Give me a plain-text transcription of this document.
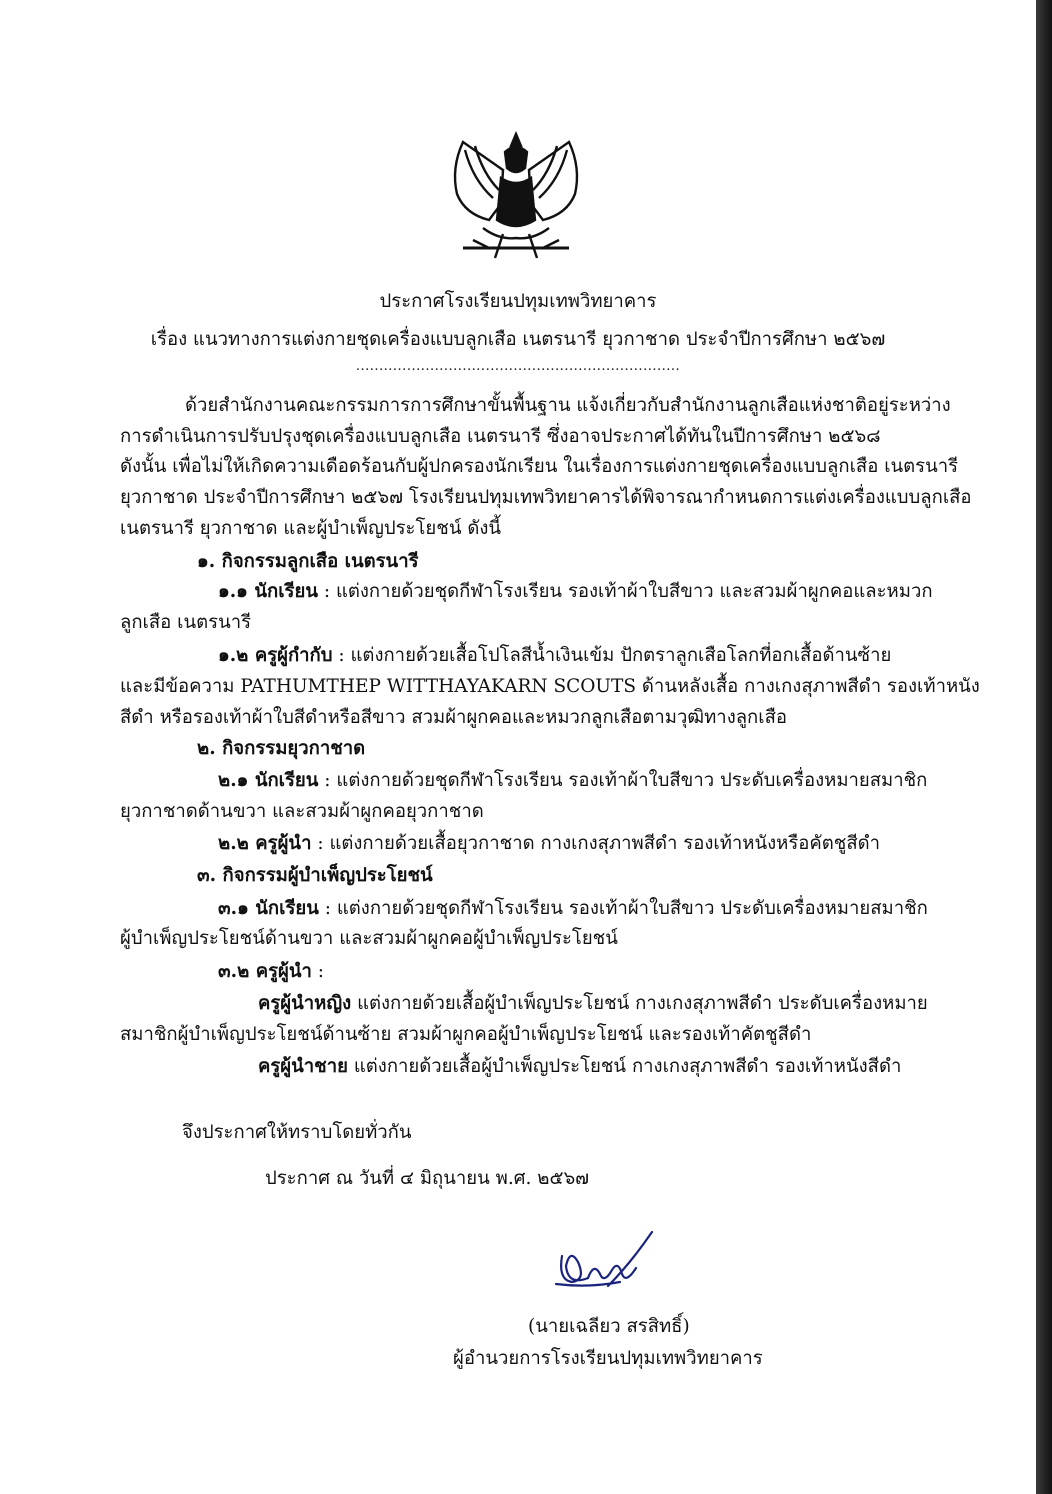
ประกาศโรงเรียนปทุมเทพวิทยาคาร
เรื่อง แนวทางการแต่งกายชุดเครื่องแบบลูกเสือ เนตรนารี ยุวกาชาด ประจำปีการศึกษา ๒๕๖๗
......................................................................
ด้วยสำนักงานคณะกรรมการการศึกษาขั้นพื้นฐาน แจ้งเกี่ยวกับสำนักงานลูกเสือแห่งชาติอยู่ระหว่าง
การดำเนินการปรับปรุงชุดเครื่องแบบลูกเสือ เนตรนารี ซึ่งอาจประกาศได้ทันในปีการศึกษา ๒๕๖๘
ดังนั้น เพื่อไม่ให้เกิดความเดือดร้อนกับผู้ปกครองนักเรียน ในเรื่องการแต่งกายชุดเครื่องแบบลูกเสือ เนตรนารี
ยุวกาชาด ประจำปีการศึกษา ๒๕๖๗ โรงเรียนปทุมเทพวิทยาคารได้พิจารณากำหนดการแต่งเครื่องแบบลูกเสือ
เนตรนารี ยุวกาชาด และผู้บำเพ็ญประโยชน์ ดังนี้
๑. กิจกรรมลูกเสือ เนตรนารี
๑.๑ นักเรียน : แต่งกายด้วยชุดกีฬาโรงเรียน รองเท้าผ้าใบสีขาว และสวมผ้าผูกคอและหมวก
ลูกเสือ เนตรนารี
๑.๒ ครูผู้กำกับ : แต่งกายด้วยเสื้อโปโลสีน้ำเงินเข้ม ปักตราลูกเสือโลกที่อกเสื้อด้านซ้าย
และมีข้อความ PATHUMTHEP WITTHAYAKARN SCOUTS ด้านหลังเสื้อ กางเกงสุภาพสีดำ รองเท้าหนัง
สีดำ หรือรองเท้าผ้าใบสีดำหรือสีขาว สวมผ้าผูกคอและหมวกลูกเสือตามวุฒิทางลูกเสือ
๒. กิจกรรมยุวกาชาด
๒.๑ นักเรียน : แต่งกายด้วยชุดกีฬาโรงเรียน รองเท้าผ้าใบสีขาว ประดับเครื่องหมายสมาชิก
ยุวกาชาดด้านขวา และสวมผ้าผูกคอยุวกาชาด
๒.๒ ครูผู้นำ : แต่งกายด้วยเสื้อยุวกาชาด กางเกงสุภาพสีดำ รองเท้าหนังหรือคัตชูสีดำ
๓. กิจกรรมผู้บำเพ็ญประโยชน์
๓.๑ นักเรียน : แต่งกายด้วยชุดกีฬาโรงเรียน รองเท้าผ้าใบสีขาว ประดับเครื่องหมายสมาชิก
ผู้บำเพ็ญประโยชน์ด้านขวา และสวมผ้าผูกคอผู้บำเพ็ญประโยชน์
๓.๒ ครูผู้นำ :
ครูผู้นำหญิง แต่งกายด้วยเสื้อผู้บำเพ็ญประโยชน์ กางเกงสุภาพสีดำ ประดับเครื่องหมาย
สมาชิกผู้บำเพ็ญประโยชน์ด้านซ้าย สวมผ้าผูกคอผู้บำเพ็ญประโยชน์ และรองเท้าคัตชูสีดำ
ครูผู้นำชาย แต่งกายด้วยเสื้อผู้บำเพ็ญประโยชน์ กางเกงสุภาพสีดำ รองเท้าหนังสีดำ
จึงประกาศให้ทราบโดยทั่วกัน
ประกาศ ณ วันที่ ๔ มิถุนายน พ.ศ. ๒๕๖๗
(นายเฉลียว สรสิทธิ์)
ผู้อำนวยการโรงเรียนปทุมเทพวิทยาคาร
